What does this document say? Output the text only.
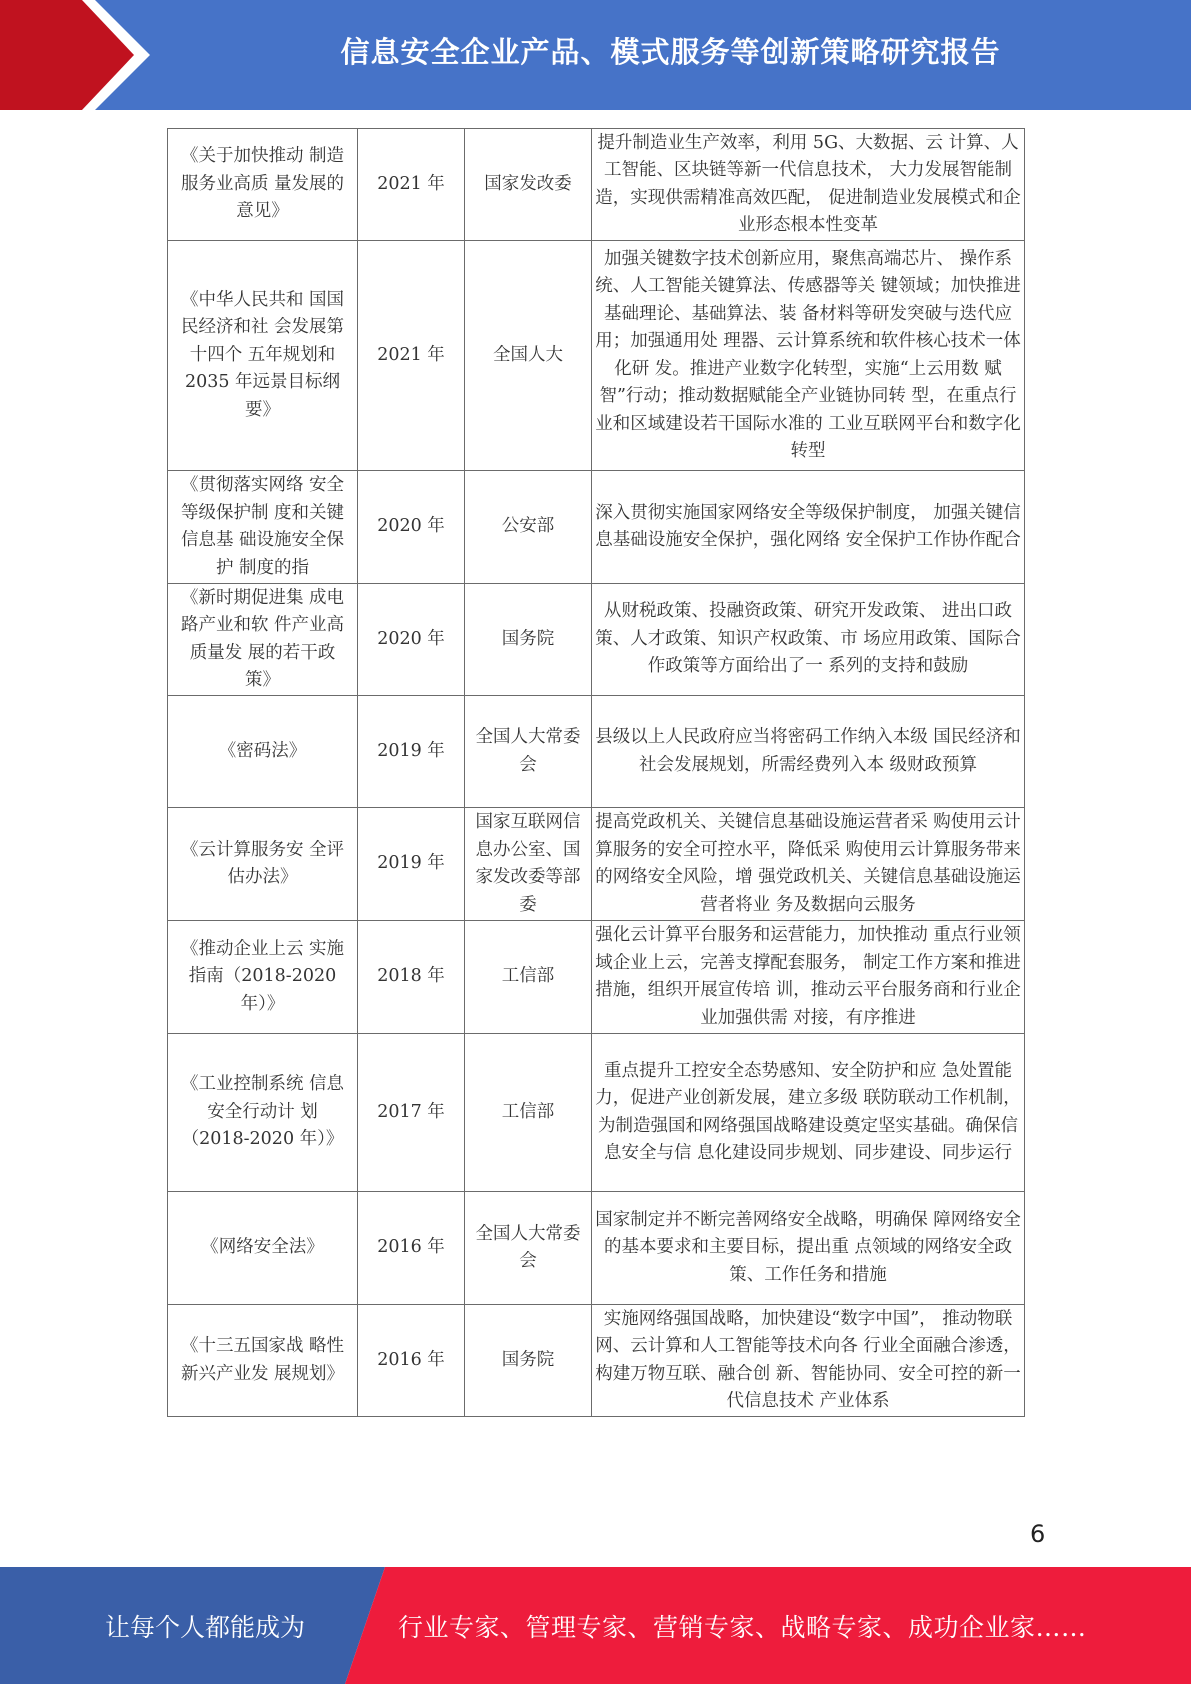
信息安全企业产品、模式服务等创新策略研究报告
《关于加快推动 制造服务业高质 量发展的意见》	2021 年	国家发改委	提升制造业生产效率，利用 5G、大数据、云 计算、人工智能、区块链等新一代信息技术， 大力发展智能制造，实现供需精准高效匹配， 促进制造业发展模式和企业形态根本性变革
《中华人民共和 国国民经济和社 会发展第十四个 五年规划和 2035 年远景目标纲要》	2021 年	全国人大	加强关键数字技术创新应用，聚焦高端芯片、 操作系统、人工智能关键算法、传感器等关 键领域；加快推进基础理论、基础算法、装 备材料等研发突破与迭代应用；加强通用处 理器、云计算系统和软件核心技术一体化研 发。推进产业数字化转型，实施“上云用数 赋智”行动；推动数据赋能全产业链协同转 型，在重点行业和区域建设若干国际水准的 工业互联网平台和数字化转型
《贯彻落实网络 安全等级保护制 度和关键信息基 础设施安全保护 制度的指	2020 年	公安部	深入贯彻实施国家网络安全等级保护制度， 加强关键信息基础设施安全保护，强化网络 安全保护工作协作配合
《新时期促进集 成电路产业和软 件产业高质量发 展的若干政策》	2020 年	国务院	从财税政策、投融资政策、研究开发政策、 进出口政策、人才政策、知识产权政策、市 场应用政策、国际合作政策等方面给出了一 系列的支持和鼓励
《密码法》	2019 年	全国人大常委会	县级以上人民政府应当将密码工作纳入本级 国民经济和社会发展规划，所需经费列入本 级财政预算
《云计算服务安 全评估办法》	2019 年	国家互联网信息办公室、国家发改委等部委	提高党政机关、关键信息基础设施运营者采 购使用云计算服务的安全可控水平，降低采 购使用云计算服务带来的网络安全风险，增 强党政机关、关键信息基础设施运营者将业 务及数据向云服务
《推动企业上云 实施指南（2018-2020 年）》	2018 年	工信部	强化云计算平台服务和运营能力，加快推动 重点行业领域企业上云，完善支撑配套服务， 制定工作方案和推进措施，组织开展宣传培 训，推动云平台服务商和行业企业加强供需 对接，有序推进
《工业控制系统 信息安全行动计 划（2018-2020 年）》	2017 年	工信部	重点提升工控安全态势感知、安全防护和应 急处置能力，促进产业创新发展，建立多级 联防联动工作机制，为制造强国和网络强国战略建设奠定坚实基础。确保信息安全与信 息化建设同步规划、同步建设、同步运行
《网络安全法》	2016 年	全国人大常委会	国家制定并不断完善网络安全战略，明确保 障网络安全的基本要求和主要目标，提出重 点领域的网络安全政策、工作任务和措施
《十三五国家战 略性新兴产业发 展规划》	2016 年	国务院	实施网络强国战略，加快建设“数字中国”， 推动物联网、云计算和人工智能等技术向各 行业全面融合渗透，构建万物互联、融合创 新、智能协同、安全可控的新一代信息技术 产业体系
6
让每个人都能成为	行业专家、管理专家、营销专家、战略专家、成功企业家……
